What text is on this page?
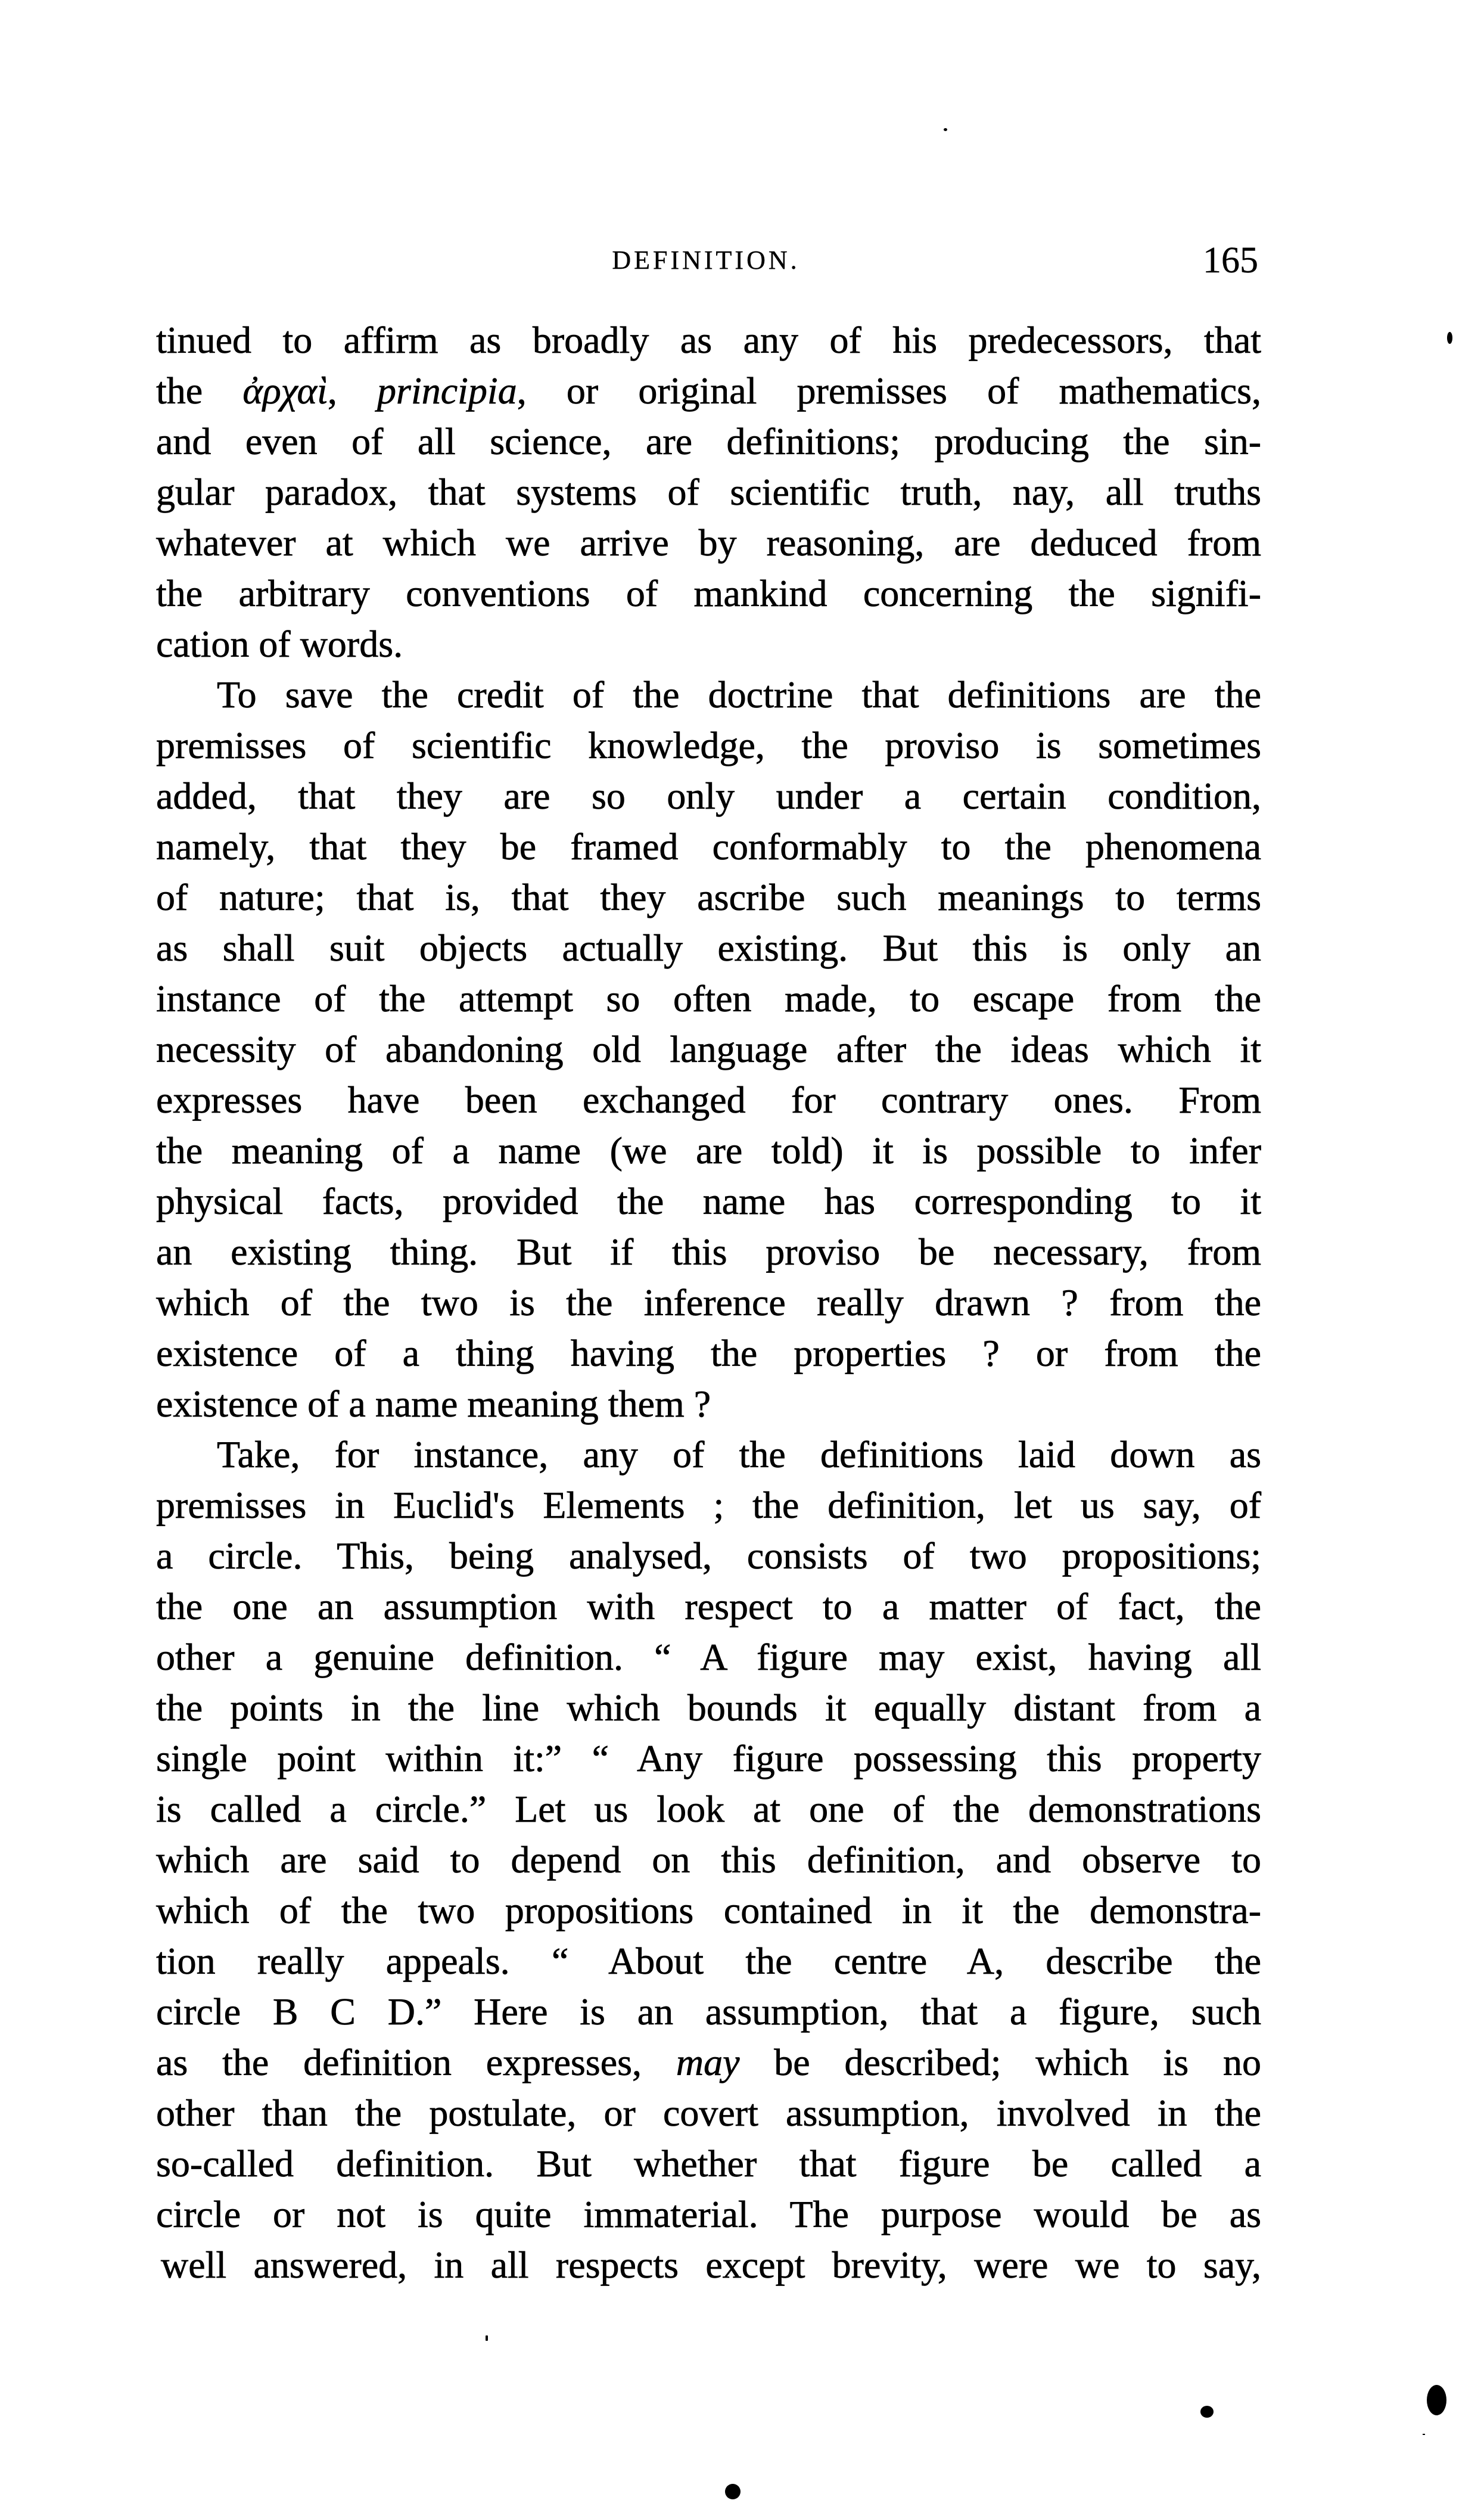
DEFINITION.	165
tinued to affirm as broadly as any of his predecessors, that
the ἀρχαὶ, principia, or original premisses of mathematics,
and even of all science, are definitions; producing the sin-
gular paradox, that systems of scientific truth, nay, all truths
whatever at which we arrive by reasoning, are deduced from
the arbitrary conventions of mankind concerning the signifi-
cation of words.
To save the credit of the doctrine that definitions are the
premisses of scientific knowledge, the proviso is sometimes
added, that they are so only under a certain condition,
namely, that they be framed conformably to the phenomena
of nature; that is, that they ascribe such meanings to terms
as shall suit objects actually existing. But this is only an
instance of the attempt so often made, to escape from the
necessity of abandoning old language after the ideas which it
expresses have been exchanged for contrary ones. From
the meaning of a name (we are told) it is possible to infer
physical facts, provided the name has corresponding to it
an existing thing. But if this proviso be necessary, from
which of the two is the inference really drawn ? from the
existence of a thing having the properties ? or from the
existence of a name meaning them ?
Take, for instance, any of the definitions laid down as
premisses in Euclid's Elements ; the definition, let us say, of
a circle. This, being analysed, consists of two propositions;
the one an assumption with respect to a matter of fact, the
other a genuine definition. “ A figure may exist, having all
the points in the line which bounds it equally distant from a
single point within it:” “ Any figure possessing this property
is called a circle.” Let us look at one of the demonstrations
which are said to depend on this definition, and observe to
which of the two propositions contained in it the demonstra-
tion really appeals. “ About the centre A, describe the
circle B C D.” Here is an assumption, that a figure, such
as the definition expresses, may be described; which is no
other than the postulate, or covert assumption, involved in the
so-called definition. But whether that figure be called a
circle or not is quite immaterial. The purpose would be as
well answered, in all respects except brevity, were we to say,
